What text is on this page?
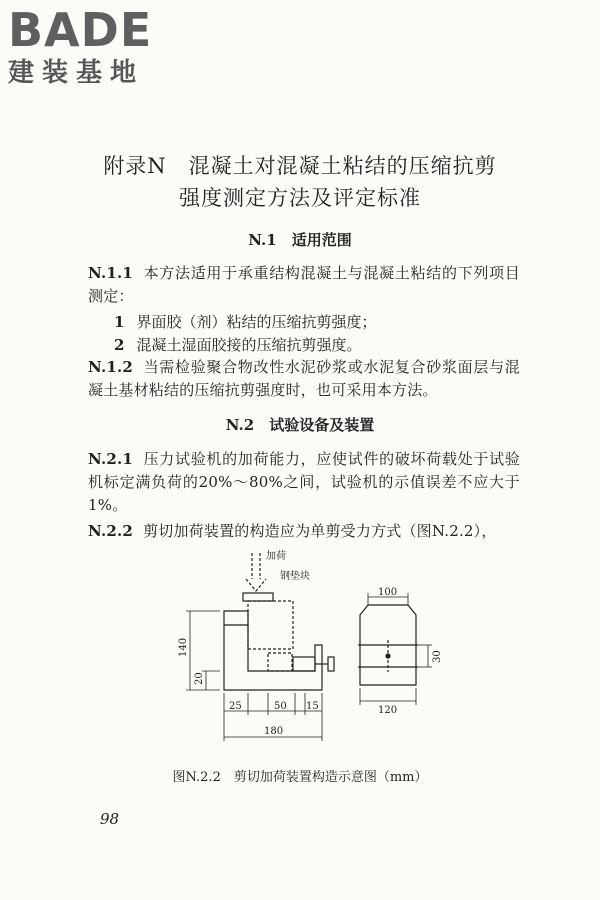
BADE
建装基地
附录N　混凝土对混凝土粘结的压缩抗剪
强度测定方法及评定标准
N.1　适用范围
N.1.1 本方法适用于承重结构混凝土与混凝土粘结的下列项目测定：
1 界面胶（剂）粘结的压缩抗剪强度；
2 混凝土湿面胶接的压缩抗剪强度。
N.1.2 当需检验聚合物改性水泥砂浆或水泥复合砂浆面层与混凝土基材粘结的压缩抗剪强度时，也可采用本方法。
N.2　试验设备及装置
N.2.1 压力试验机的加荷能力，应使试件的破坏荷载处于试验机标定满负荷的20%～80%之间，试验机的示值误差不应大于1%。
N.2.2 剪切加荷装置的构造应为单剪受力方式（图N.2.2），
加荷
钢垫块
140
20
25	50 15
180
100
120
30
图N.2.2　剪切加荷装置构造示意图（mm）
98
